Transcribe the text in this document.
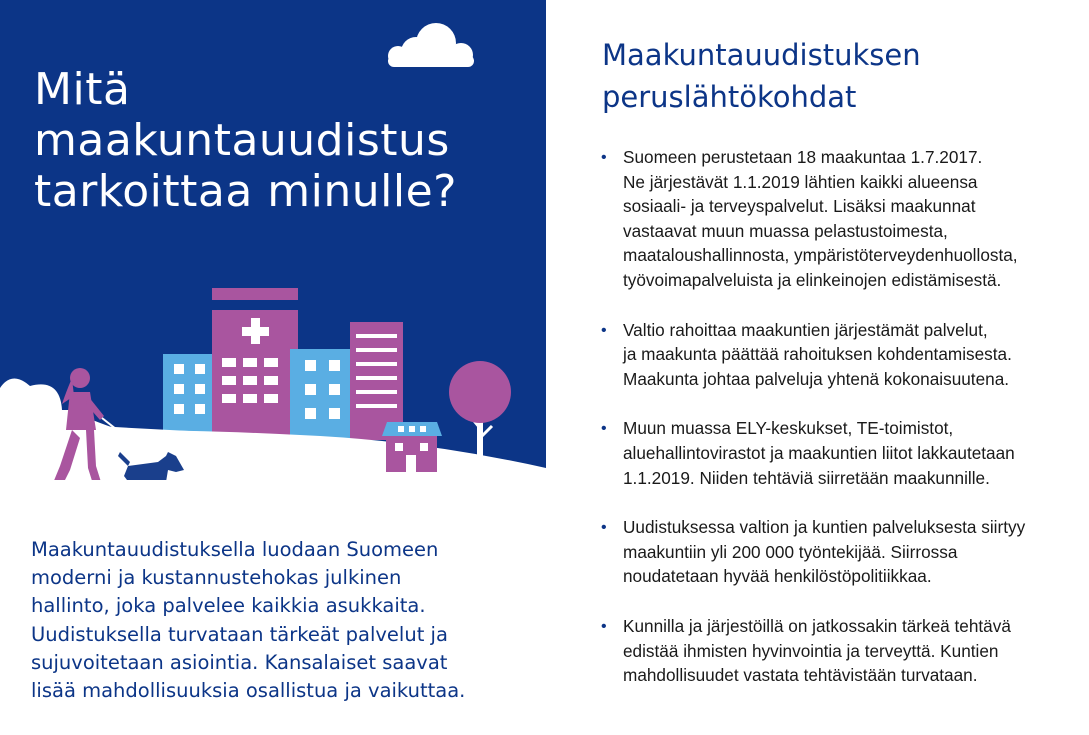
Mitä
maakuntauudistus
tarkoittaa minulle?

Maakuntauudistuksella luodaan Suomeen
moderni ja kustannustehokas julkinen
hallinto, joka palvelee kaikkia asukkaita.
Uudistuksella turvataan tärkeät palvelut ja
sujuvoitetaan asiointia. Kansalaiset saavat
lisää mahdollisuuksia osallistua ja vaikuttaa.

Maakuntauudistuksen
peruslähtökohdat
• Suomeen perustetaan 18 maakuntaa 1.7.2017.
Ne järjestävät 1.1.2019 lähtien kaikki alueensa
sosiaali- ja terveyspalvelut. Lisäksi maakunnat
vastaavat muun muassa pelastustoimesta,
maataloushallinnosta, ympäristöterveydenhuollosta,
työvoimapalveluista ja elinkeinojen edistämisestä.
• Valtio rahoittaa maakuntien järjestämät palvelut,
ja maakunta päättää rahoituksen kohdentamisesta.
Maakunta johtaa palveluja yhtenä kokonaisuutena.
• Muun muassa ELY-keskukset, TE-toimistot,
aluehallintovirastot ja maakuntien liitot lakkautetaan
1.1.2019. Niiden tehtäviä siirretään maakunnille.
• Uudistuksessa valtion ja kuntien palveluksesta siirtyy
maakuntiin yli 200 000 työntekijää. Siirrossa
noudatetaan hyvää henkilöstöpolitiikkaa.
• Kunnilla ja järjestöillä on jatkossakin tärkeä tehtävä
edistää ihmisten hyvinvointia ja terveyttä. Kuntien
mahdollisuudet vastata tehtävistään turvataan.
